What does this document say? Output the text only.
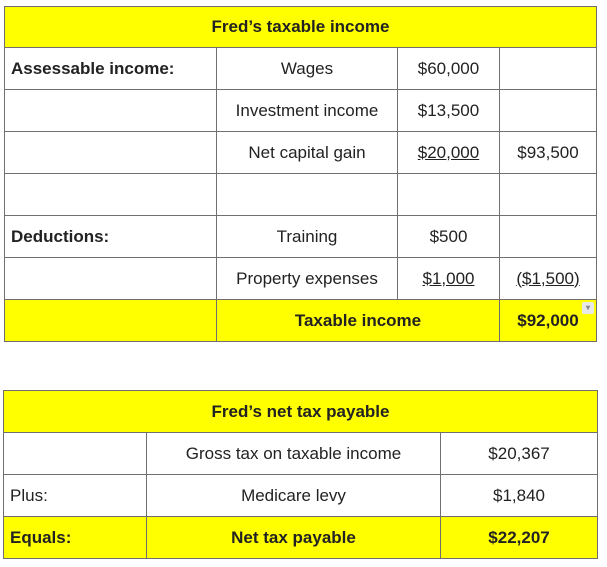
Fred’s taxable income			
Assessable income:	Wages	$60,000	
	Investment income	$13,500	
	Net capital gain	$20,000	$93,500

Deductions:	Training	$500	
	Property expenses	$1,000	($1,500)
	Taxable income		$92,000
▾
Fred’s net tax payable		
	Gross tax on taxable income	$20,367
Plus:	Medicare levy	$1,840
Equals:	Net tax payable	$22,207
